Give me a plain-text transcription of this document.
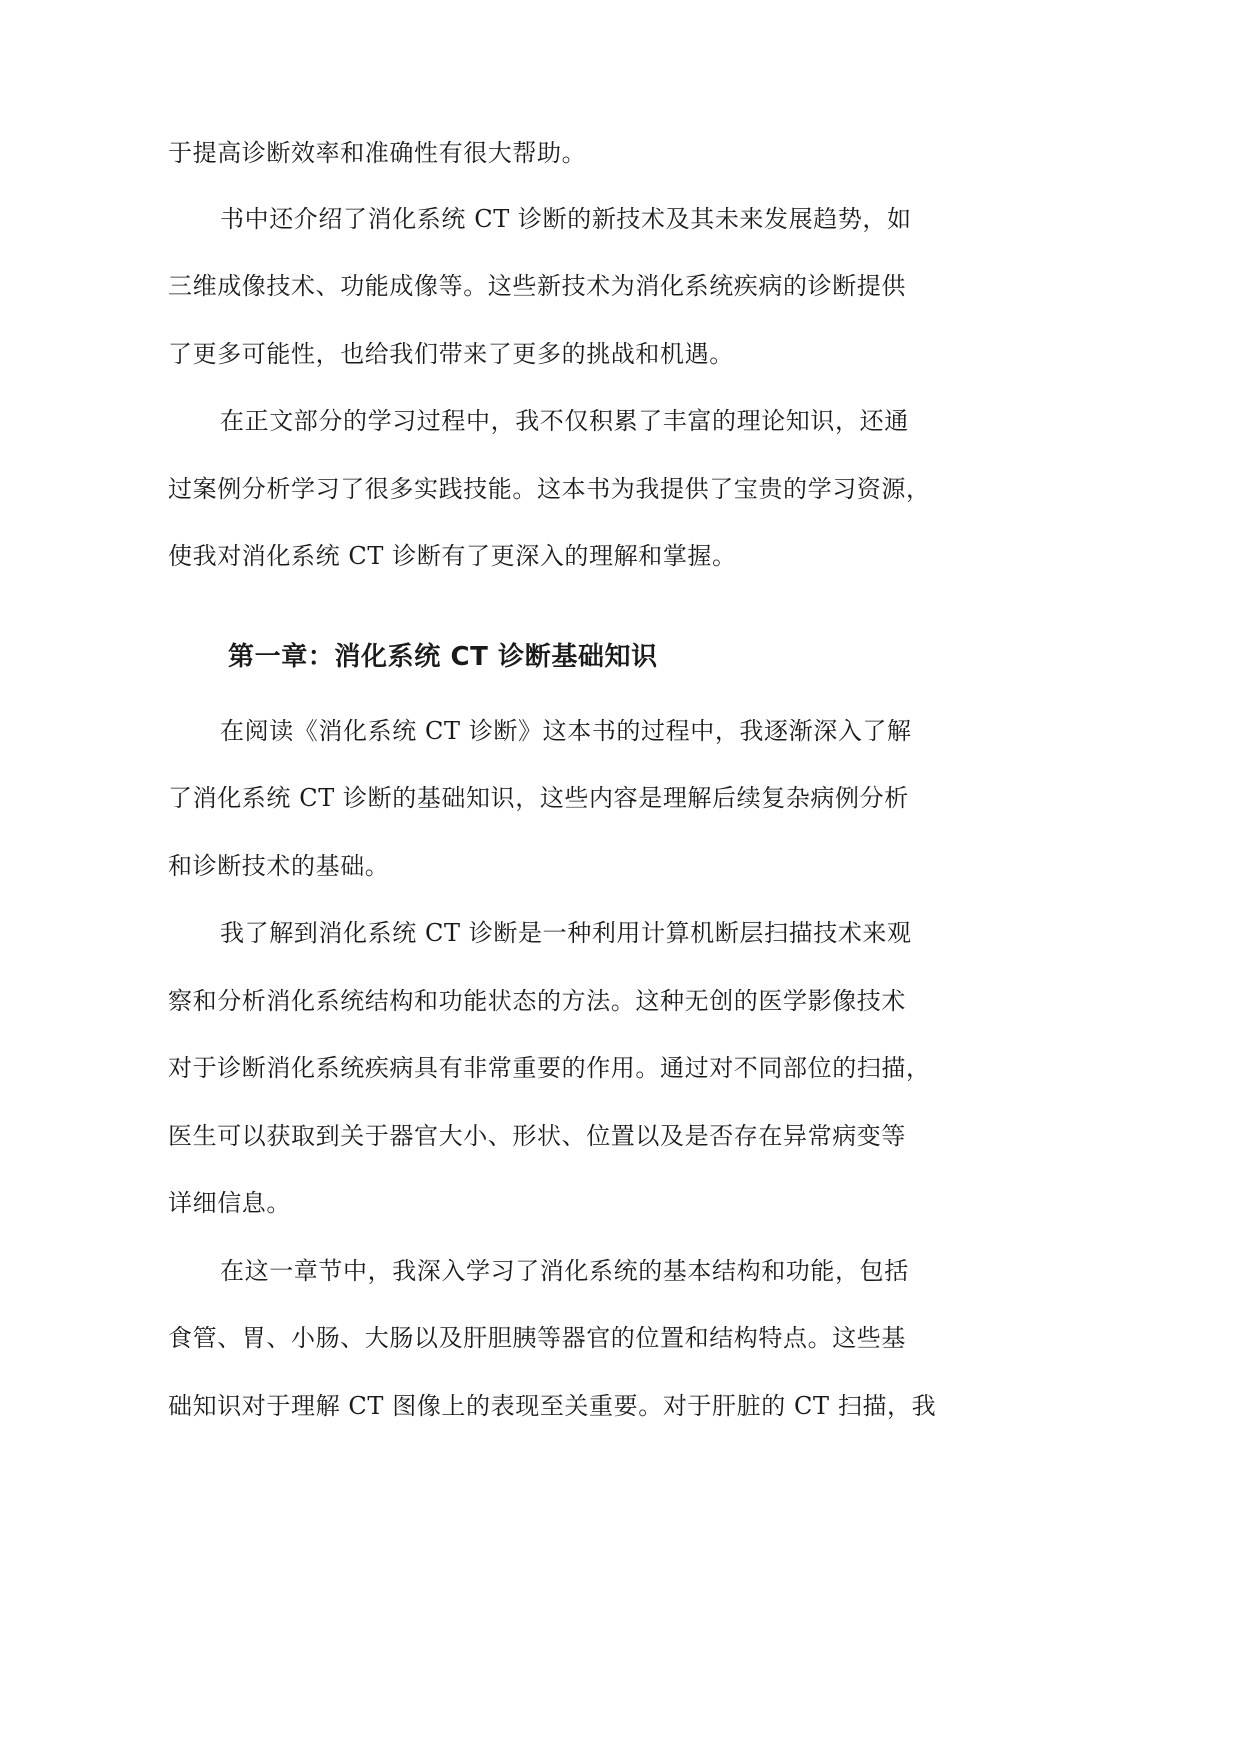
于提高诊断效率和准确性有很大帮助。
书中还介绍了消化系统 CT 诊断的新技术及其未来发展趋势，如
三维成像技术、功能成像等。这些新技术为消化系统疾病的诊断提供
了更多可能性，也给我们带来了更多的挑战和机遇。
在正文部分的学习过程中，我不仅积累了丰富的理论知识，还通
过案例分析学习了很多实践技能。这本书为我提供了宝贵的学习资源，
使我对消化系统 CT 诊断有了更深入的理解和掌握。
第一章：消化系统 CT 诊断基础知识
在阅读《消化系统 CT 诊断》这本书的过程中，我逐渐深入了解
了消化系统 CT 诊断的基础知识，这些内容是理解后续复杂病例分析
和诊断技术的基础。
我了解到消化系统 CT 诊断是一种利用计算机断层扫描技术来观
察和分析消化系统结构和功能状态的方法。这种无创的医学影像技术
对于诊断消化系统疾病具有非常重要的作用。通过对不同部位的扫描，
医生可以获取到关于器官大小、形状、位置以及是否存在异常病变等
详细信息。
在这一章节中，我深入学习了消化系统的基本结构和功能，包括
食管、胃、小肠、大肠以及肝胆胰等器官的位置和结构特点。这些基
础知识对于理解 CT 图像上的表现至关重要。对于肝脏的 CT 扫描，我
